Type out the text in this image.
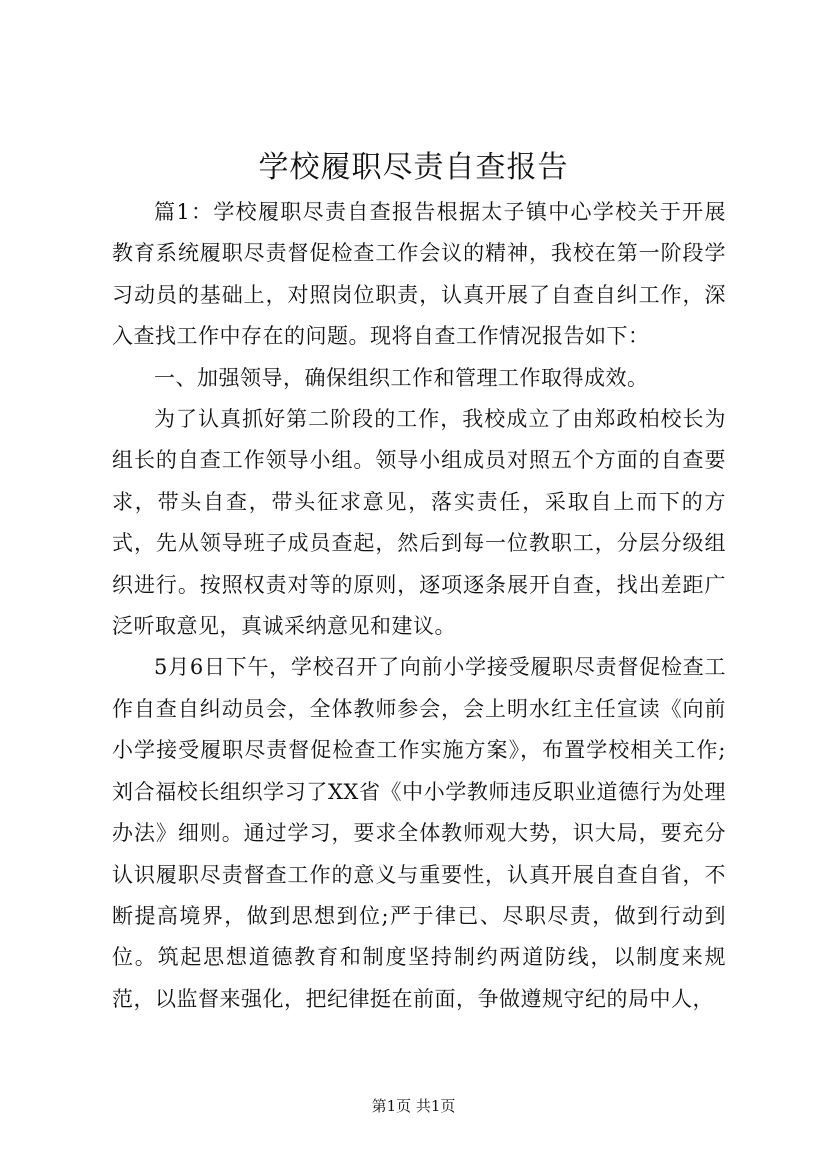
学校履职尽责自查报告

篇1：学校履职尽责自查报告根据太子镇中心学校关于开展教育系统履职尽责督促检查工作会议的精神，我校在第一阶段学习动员的基础上，对照岗位职责，认真开展了自查自纠工作，深入查找工作中存在的问题。现将自查工作情况报告如下：

一、加强领导，确保组织工作和管理工作取得成效。

为了认真抓好第二阶段的工作，我校成立了由郑政柏校长为组长的自查工作领导小组。领导小组成员对照五个方面的自查要求，带头自查，带头征求意见，落实责任，采取自上而下的方式，先从领导班子成员查起，然后到每一位教职工，分层分级组织进行。按照权责对等的原则，逐项逐条展开自查，找出差距广泛听取意见，真诚采纳意见和建议。

5月6日下午，学校召开了向前小学接受履职尽责督促检查工作自查自纠动员会，全体教师参会，会上明水红主任宣读《向前小学接受履职尽责督促检查工作实施方案》，布置学校相关工作;刘合福校长组织学习了XX省《中小学教师违反职业道德行为处理办法》细则。通过学习，要求全体教师观大势，识大局，要充分认识履职尽责督查工作的意义与重要性，认真开展自查自省，不断提高境界，做到思想到位;严于律已、尽职尽责，做到行动到位。筑起思想道德教育和制度坚持制约两道防线，以制度来规范，以监督来强化，把纪律挺在前面，争做遵规守纪的局中人，

第1页 共1页
